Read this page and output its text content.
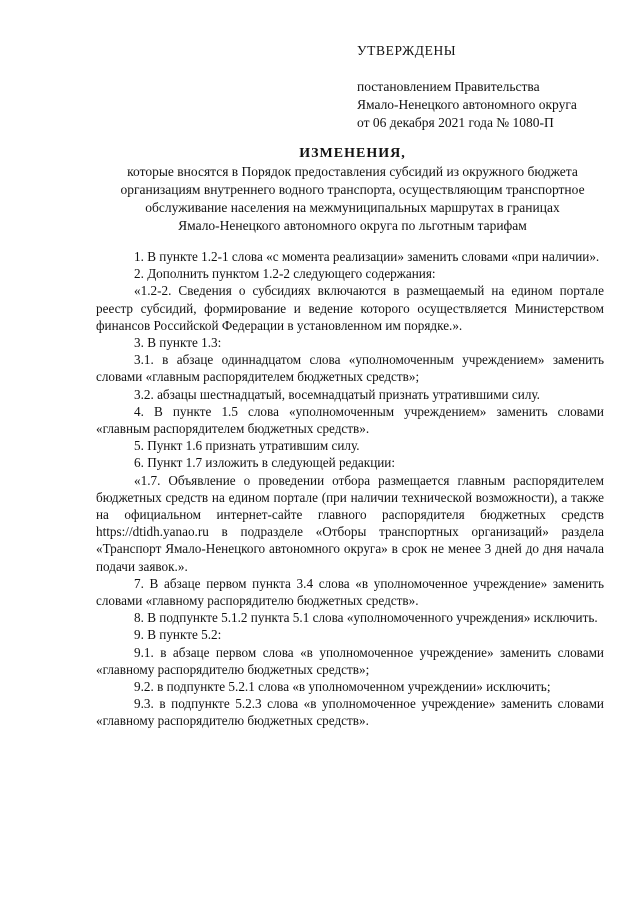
УТВЕРЖДЕНЫ
постановлением Правительства
Ямало-Ненецкого автономного округа
от 06 декабря 2021 года № 1080-П
ИЗМЕНЕНИЯ,
которые вносятся в Порядок предоставления субсидий из окружного бюджета
организациям внутреннего водного транспорта, осуществляющим транспортное
обслуживание населения на межмуниципальных маршрутах в границах
Ямало-Ненецкого автономного округа по льготным тарифам

1. В пункте 1.2-1 слова «с момента реализации» заменить словами «при наличии».

2. Дополнить пунктом 1.2-2 следующего содержания:

«1.2-2. Сведения о субсидиях включаются в размещаемый на едином портале реестр субсидий, формирование и ведение которого осуществляется Министерством финансов Российской Федерации в установленном им порядке.».

3. В пункте 1.3:

3.1. в абзаце одиннадцатом слова «уполномоченным учреждением» заменить словами «главным распорядителем бюджетных средств»;

3.2. абзацы шестнадцатый, восемнадцатый признать утратившими силу.

4. В пункте 1.5 слова «уполномоченным учреждением» заменить словами «главным распорядителем бюджетных средств».

5. Пункт 1.6 признать утратившим силу.

6. Пункт 1.7 изложить в следующей редакции:

«1.7. Объявление о проведении отбора размещается главным распорядителем бюджетных средств на едином портале (при наличии технической возможности), а также на официальном интернет-сайте главного распорядителя бюджетных средств https://dtidh.yanao.ru в подразделе «Отборы транспортных организаций» раздела «Транспорт Ямало-Ненецкого автономного округа» в срок не менее 3 дней до дня начала подачи заявок.».

7. В абзаце первом пункта 3.4 слова «в уполномоченное учреждение» заменить словами «главному распорядителю бюджетных средств».

8. В подпункте 5.1.2 пункта 5.1 слова «уполномоченного учреждения» исключить.

9. В пункте 5.2:

9.1. в абзаце первом слова «в уполномоченное учреждение» заменить словами «главному распорядителю бюджетных средств»;

9.2. в подпункте 5.2.1 слова «в уполномоченном учреждении» исключить;

9.3. в подпункте 5.2.3 слова «в уполномоченное учреждение» заменить словами «главному распорядителю бюджетных средств».
